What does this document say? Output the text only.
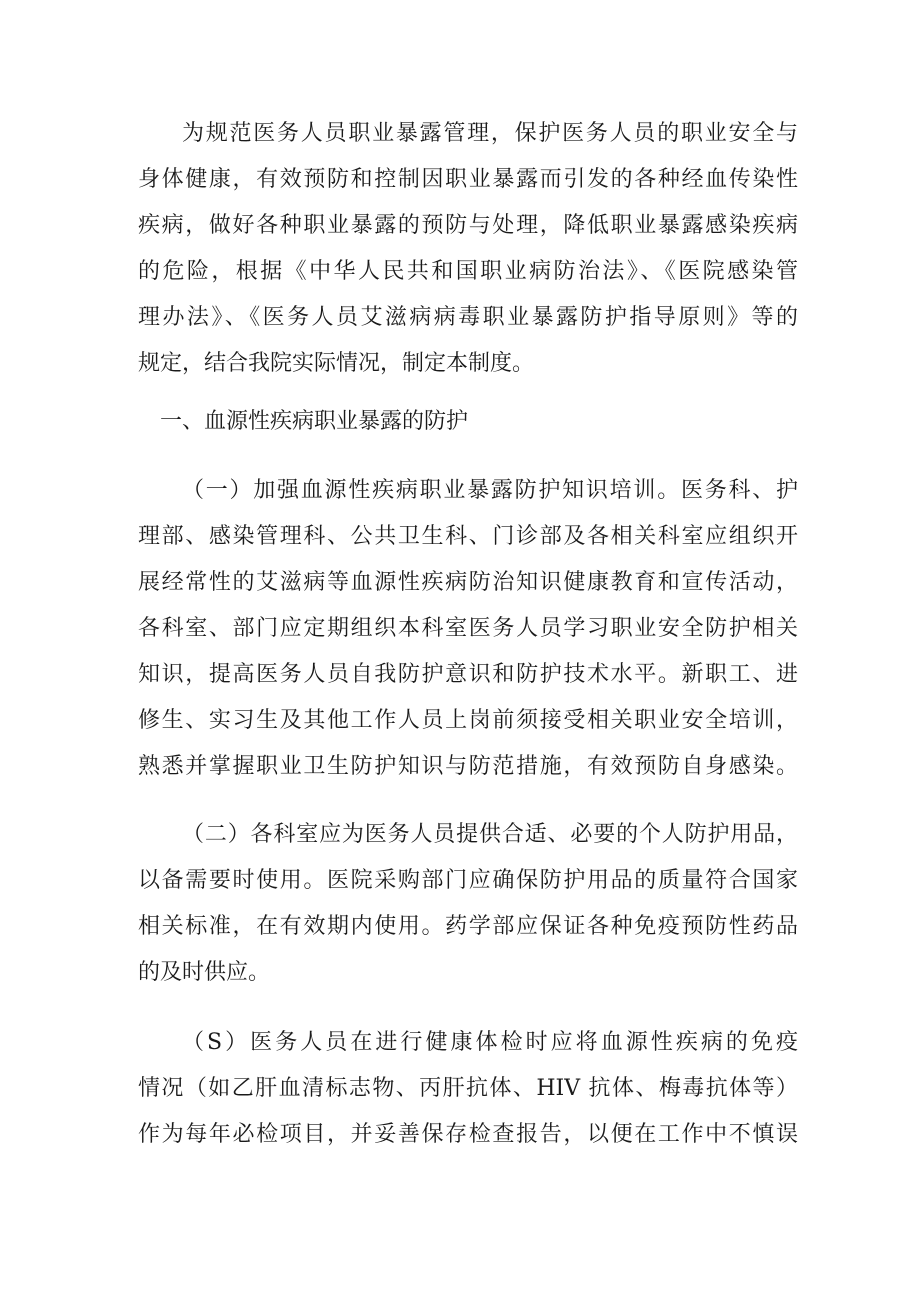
为规范医务人员职业暴露管理，保护医务人员的职业安全与
身体健康，有效预防和控制因职业暴露而引发的各种经血传染性
疾病，做好各种职业暴露的预防与处理，降低职业暴露感染疾病
的危险，根据《中华人民共和国职业病防治法》、《医院感染管
理办法》、《医务人员艾滋病病毒职业暴露防护指导原则》等的
规定，结合我院实际情况，制定本制度。
一、血源性疾病职业暴露的防护
（一）加强血源性疾病职业暴露防护知识培训。医务科、护
理部、感染管理科、公共卫生科、门诊部及各相关科室应组织开
展经常性的艾滋病等血源性疾病防治知识健康教育和宣传活动，
各科室、部门应定期组织本科室医务人员学习职业安全防护相关
知识，提高医务人员自我防护意识和防护技术水平。新职工、进
修生、实习生及其他工作人员上岗前须接受相关职业安全培训，
熟悉并掌握职业卫生防护知识与防范措施，有效预防自身感染。
（二）各科室应为医务人员提供合适、必要的个人防护用品，
以备需要时使用。医院采购部门应确保防护用品的质量符合国家
相关标准，在有效期内使用。药学部应保证各种免疫预防性药品
的及时供应。
（S）医务人员在进行健康体检时应将血源性疾病的免疫
情况（如乙肝血清标志物、丙肝抗体、HIV 抗体、梅毒抗体等）
作为每年必检项目，并妥善保存检查报告，以便在工作中不慎误
